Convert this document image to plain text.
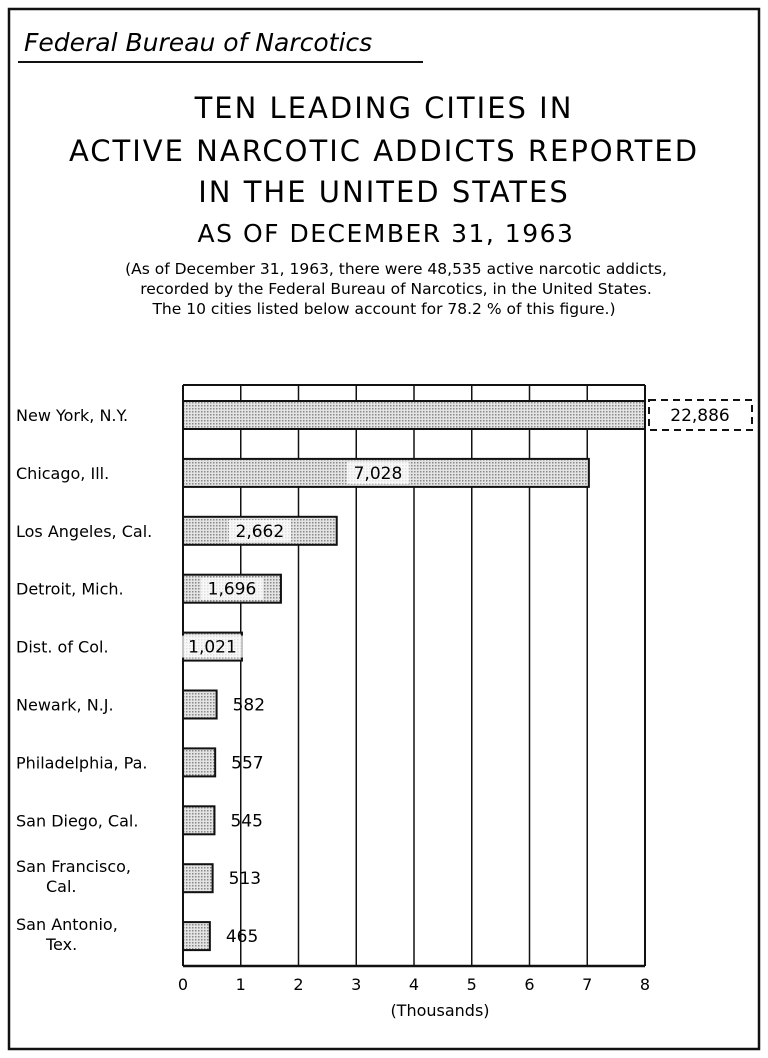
Federal Bureau of Narcotics
TEN LEADING CITIES IN
ACTIVE NARCOTIC ADDICTS REPORTED
IN THE UNITED STATES
AS OF DECEMBER 31, 1963
(As of December 31, 1963, there were 48,535 active narcotic addicts,
recorded by the Federal Bureau of Narcotics, in the United States.
The 10 cities listed below account for 78.2 % of this figure.)
0	1	2	3	4	5	6	7	8
New York, N.Y.	22,886
Chicago, Ill.	7,028
Los Angeles, Cal.	2,662
Detroit, Mich.	1,696
Dist. of Col.	1,021
Newark, N.J.	582
Philadelphia, Pa.	557
San Diego, Cal.	545
San Francisco,
Cal.	513
San Antonio,
Tex.	465
(Thousands)
